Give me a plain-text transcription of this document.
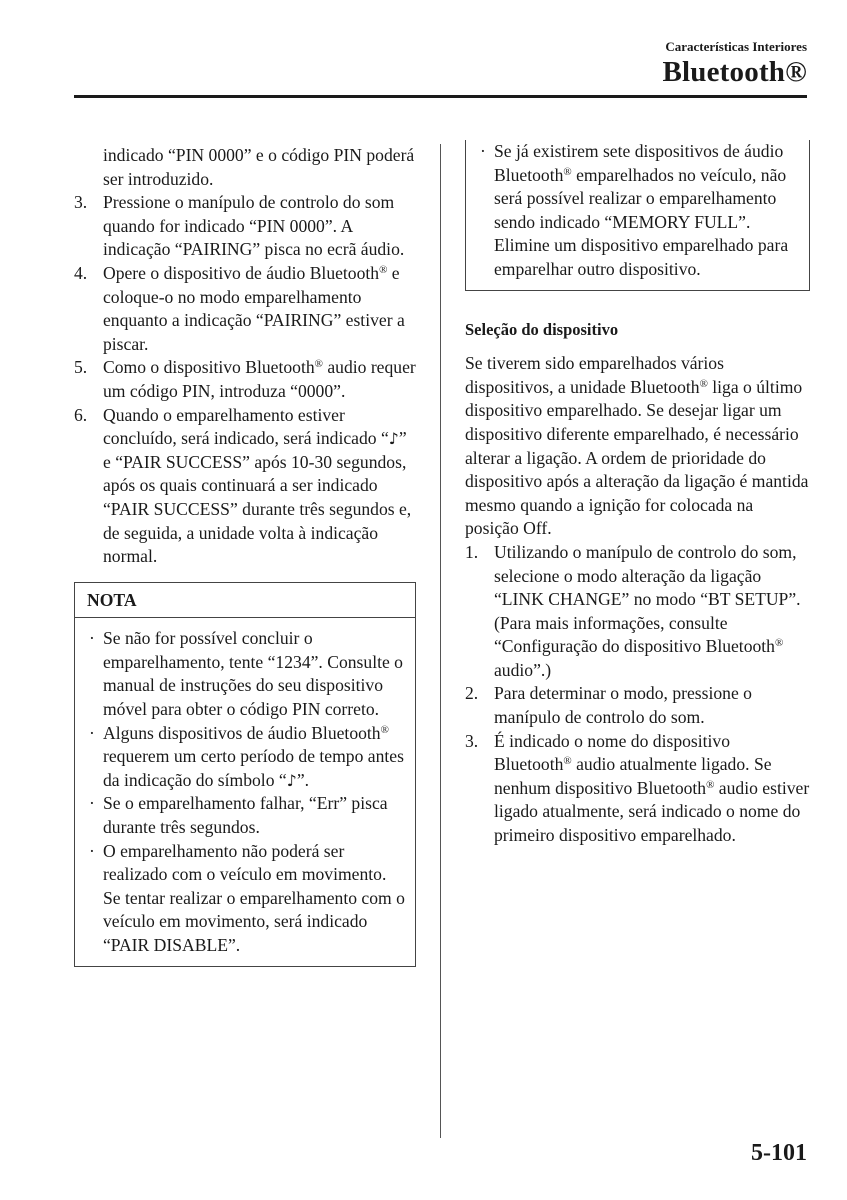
Características Interiores
Bluetooth®

indicado “PIN 0000” e o código PIN poderá ser introduzido.

3. Pressione o manípulo de controlo do som quando for indicado “PIN 0000”. A indicação “PAIRING” pisca no ecrã áudio.
4. Opere o dispositivo de áudio Bluetooth® e coloque-o no modo emparelhamento enquanto a indicação “PAIRING” estiver a piscar.
5. Como o dispositivo Bluetooth® audio requer um código PIN, introduza “0000”.
6. Quando o emparelhamento estiver concluído, será indicado, será indicado “♪” e “PAIR SUCCESS” após 10-30 segundos, após os quais continuará a ser indicado “PAIR SUCCESS” durante três segundos e, de seguida, a unidade volta à indicação normal.
NOTA
· Se não for possível concluir o emparelhamento, tente “1234”. Consulte o manual de instruções do seu dispositivo móvel para obter o código PIN correto.
· Alguns dispositivos de áudio Bluetooth® requerem um certo período de tempo antes da indicação do símbolo “♪”.
· Se o emparelhamento falhar, “Err” pisca durante três segundos.
· O emparelhamento não poderá ser realizado com o veículo em movimento. Se tentar realizar o emparelhamento com o veículo em movimento, será indicado “PAIR DISABLE”.
· Se já existirem sete dispositivos de áudio Bluetooth® emparelhados no veículo, não será possível realizar o emparelhamento sendo indicado “MEMORY FULL”. Elimine um dispositivo emparelhado para emparelhar outro dispositivo.
Seleção do dispositivo

Se tiverem sido emparelhados vários dispositivos, a unidade Bluetooth® liga o último dispositivo emparelhado. Se desejar ligar um dispositivo diferente emparelhado, é necessário alterar a ligação. A ordem de prioridade do dispositivo após a alteração da ligação é mantida mesmo quando a ignição for colocada na posição Off.

1. Utilizando o manípulo de controlo do som, selecione o modo alteração da ligação “LINK CHANGE” no modo “BT SETUP”. (Para mais informações, consulte “Configuração do dispositivo Bluetooth® audio”.)
2. Para determinar o modo, pressione o manípulo de controlo do som.
3. É indicado o nome do dispositivo Bluetooth® audio atualmente ligado. Se nenhum dispositivo Bluetooth® audio estiver ligado atualmente, será indicado o nome do primeiro dispositivo emparelhado.
5-101
